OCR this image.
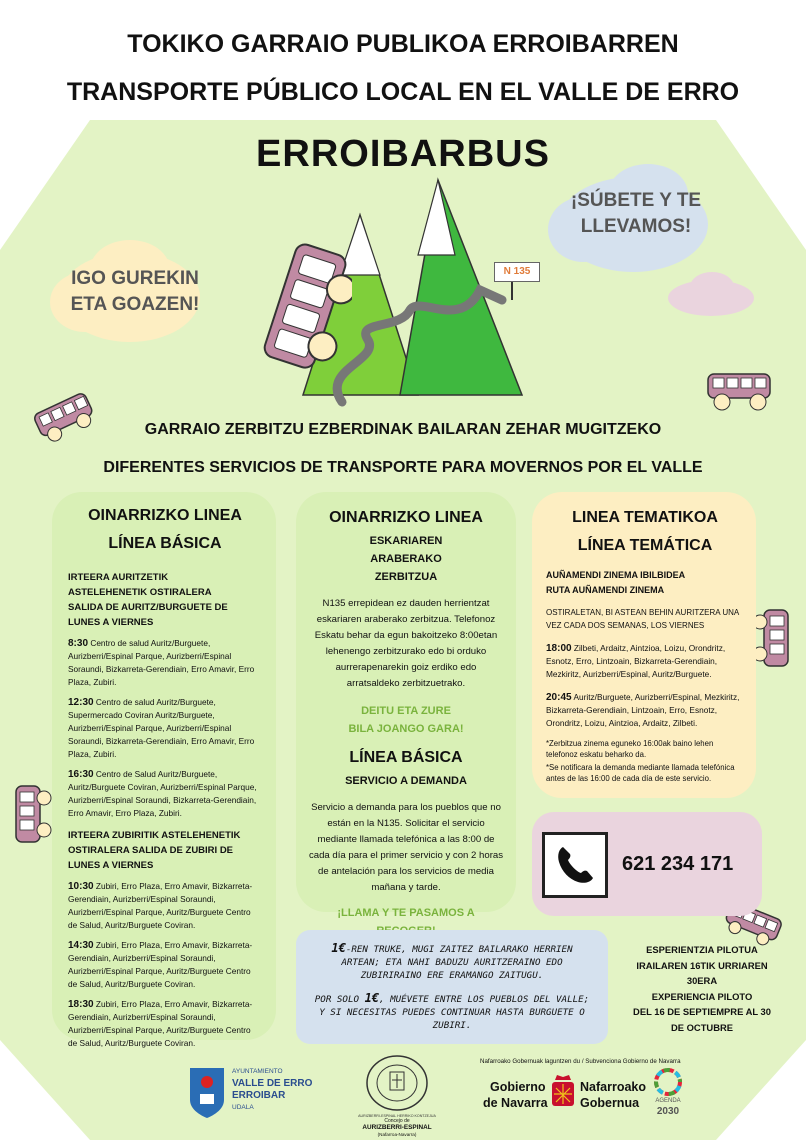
TOKIKO GARRAIO PUBLIKOA ERROIBARREN
TRANSPORTE PÚBLICO LOCAL EN EL VALLE DE ERRO
ERROIBARBUS
IGO GUREKIN ETA GOAZEN!
¡SÚBETE Y TE LLEVAMOS!
N 135
GARRAIO ZERBITZU EZBERDINAK BAILARAN ZEHAR MUGITZEKO
DIFERENTES SERVICIOS DE TRANSPORTE PARA MOVERNOS POR EL VALLE
OINARRIZKO LINEA
LÍNEA BÁSICA
IRTEERA AURITZETIK ASTELEHENETIK OSTIRALERA SALIDA DE AURITZ/BURGUETE DE LUNES A VIERNES
8:30 Centro de salud Auritz/Burguete, Aurizberri/Espinal Parque, Aurizberri/Espinal Soraundi, Bizkarreta-Gerendiain, Erro Amavir, Erro Plaza, Zubiri.
12:30 Centro de salud Auritz/Burguete, Supermercado Coviran Auritz/Burguete, Aurizberri/Espinal Parque, Aurizberri/Espinal Soraundi, Bizkarreta-Gerendiain, Erro Amavir, Erro Plaza, Zubiri.
16:30 Centro de Salud Auritz/Burguete, Auritz/Burguete Coviran, Aurizberri/Espinal Parque, Aurizberri/Espinal Soraundi, Bizkarreta-Gerendiain, Erro Amavir, Erro Plaza, Zubiri.
IRTEERA ZUBIRITIK ASTELEHENETIK OSTIRALERA SALIDA DE ZUBIRI DE LUNES A VIERNES
10:30 Zubiri, Erro Plaza, Erro Amavir, Bizkarreta-Gerendiain, Aurizberri/Espinal Soraundi, Aurizberri/Espinal Parque, Auritz/Burguete Centro de Salud, Auritz/Burguete Coviran.
14:30 Zubiri, Erro Plaza, Erro Amavir, Bizkarreta-Gerendiain, Aurizberri/Espinal Soraundi, Aurizberri/Espinal Parque, Auritz/Burguete Centro de Salud, Auritz/Burguete Coviran.
18:30 Zubiri, Erro Plaza, Erro Amavir, Bizkarreta-Gerendiain, Aurizberri/Espinal Soraundi, Aurizberri/Espinal Parque, Auritz/Burguete Centro de Salud, Auritz/Burguete Coviran.
OINARRIZKO LINEA
ESKARIAREN ARABERAKO ZERBITZUA
N135 errepidean ez dauden herrientzat eskariaren araberako zerbitzua. Telefonoz Eskatu behar da egun bakoitzeko 8:00etan lehenengo zerbitzurako edo bi orduko aurrerapenarekin goiz erdiko edo arratsaldeko zerbitzuetrako.
DEITU ETA ZURE BILA JOANGO GARA!
LÍNEA BÁSICA
SERVICIO A DEMANDA
Servicio a demanda para los pueblos que no están en la N135. Solicitar el servicio mediante llamada telefónica a las 8:00 de cada día para el primer servicio y con 2 horas de antelación para los servicios de media mañana y tarde.
¡LLAMA Y TE PASAMOS A
LINEA TEMATIKOA
LÍNEA TEMÁTICA
AUÑAMENDI ZINEMA IBILBIDEA RUTA AUÑAMENDI ZINEMA
OSTIRALETAN, BI ASTEAN BEHIN AURITZERA UNA VEZ CADA DOS SEMANAS, LOS VIERNES
18:00 Zilbeti, Ardaitz, Aintzioa, Loizu, Orondritz, Esnotz, Erro, Lintzoain, Bizkarreta-Gerendiain, Mezkiritz, Aurizberri/Espinal, Auritz/Burguete.
20:45 Auritz/Burguete, Aurizberri/Espinal, Mezkiritz, Bizkarreta-Gerendiain, Lintzoain, Erro, Esnotz, Orondritz, Loizu, Aintzioa, Ardaitz, Zilbeti.
*Zerbitzua zinema eguneko 16:00ak baino lehen telefonoz eskatu beharko da.
*Se notificara la demanda mediante llamada telefónica antes de las 16:00 de cada día de este servicio.
621 234 171
1€-REN TRUKE, MUGI ZAITEZ BAILARAKO HERRIEN ARTEAN; ETA NAHI BADUZU AURITZERAINO EDO ZUBIRIRAINO ERE ERAMANGO ZAITUGU.
POR SOLO 1€, MUÉVETE ENTRE LOS PUEBLOS DEL VALLE; Y SI NECESITAS PUEDES CONTINUAR HASTA BURGUETE O ZUBIRI.
ESPERIENTZIA PILOTUA
IRAILAREN 16TIK URRIAREN
30ERA
EXPERIENCIA PILOTO
DEL 16 DE SEPTIEMPRE AL 30
DE OCTUBRE
AYUNTAMIENTO
VALLE DE ERRO
ERROIBAR
UDALA
AURIZBERRI-ESPINAL HERRIKO KONTZEJUA
Concejo de
AURIZBERRI-ESPINAL
(Nafarroa-Navarra)
Nafarroako Gobernuak laguntzen du / Subvenciona Gobierno de Navarra
Gobierno
de Navarra
Nafarroako
Gobernua	AGENDA
2030
